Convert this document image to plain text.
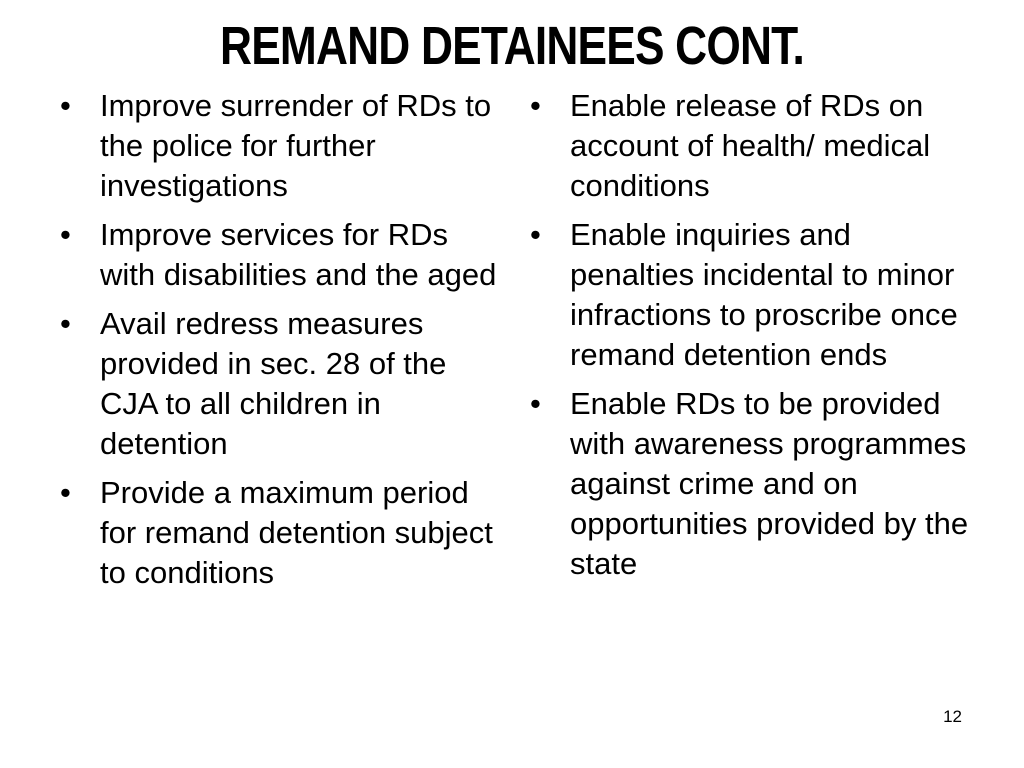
REMAND DETAINEES CONT.
• Improve surrender of RDs to the police for further investigations
• Improve services for RDs with disabilities and the aged
• Avail redress measures provided in sec. 28 of the CJA to all children in detention
• Provide a maximum period for remand detention subject to conditions
• Enable release of RDs on account of health/ medical conditions
• Enable inquiries and penalties incidental to minor infractions to proscribe once remand detention ends
• Enable RDs to be provided with awareness programmes against crime and on opportunities provided by the state
12
